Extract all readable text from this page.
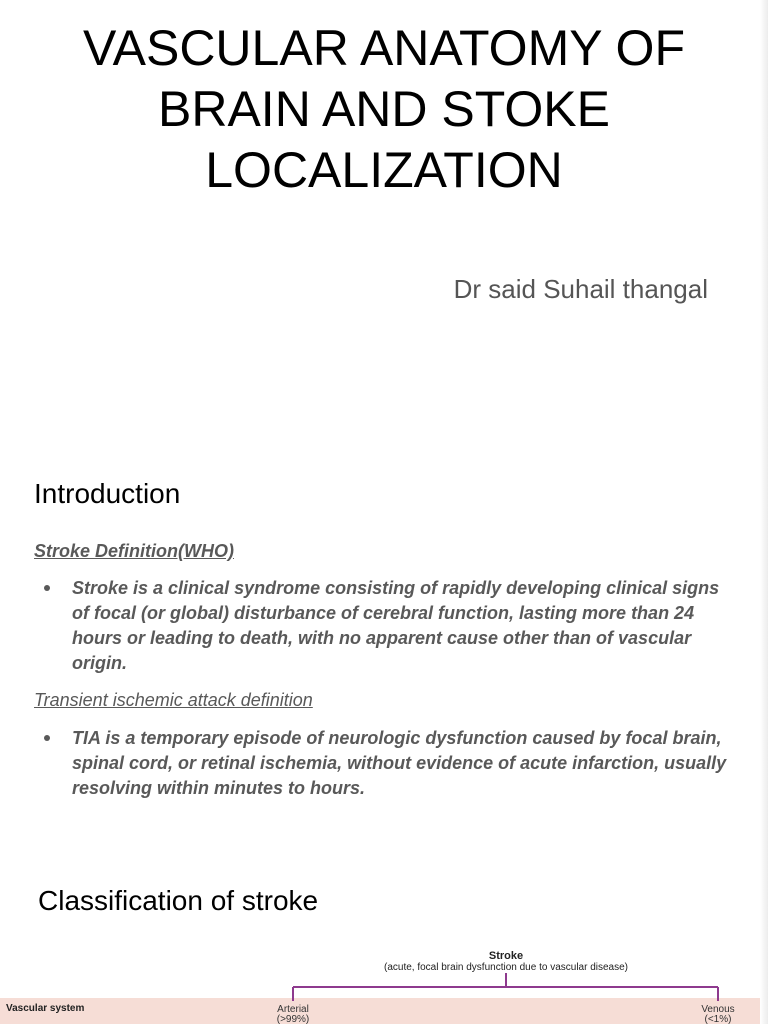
VASCULAR ANATOMY OF
BRAIN AND STOKE
LOCALIZATION
Dr said Suhail thangal
Introduction
Stroke Definition(WHO)
Stroke is a clinical syndrome consisting of rapidly developing clinical signs of focal (or global) disturbance of cerebral function, lasting more than 24 hours or leading to death, with no apparent cause other than of vascular origin.
Transient ischemic attack definition
TIA is a temporary episode of neurologic dysfunction caused by focal brain, spinal cord, or retinal ischemia, without evidence of acute infarction, usually resolving within minutes to hours.
Classification of stroke
Stroke
(acute, focal brain dysfunction due to vascular disease)
Vascular system	Arterial
(>99%)
Venous
(<1%)
